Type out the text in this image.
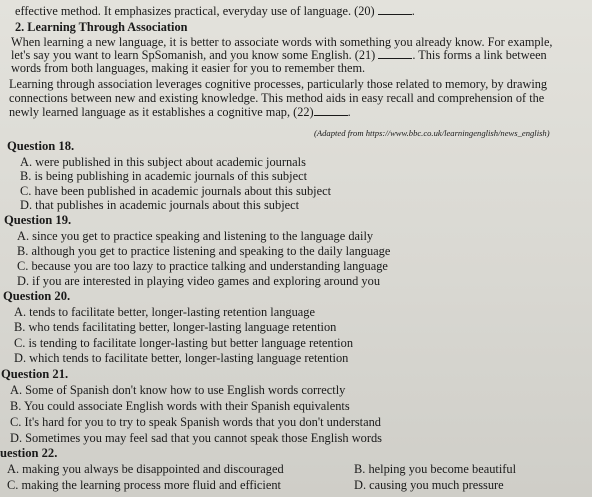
effective method. It emphasizes practical, everyday use of language. (20)	.
2. Learning Through Association
When learning a new language, it is better to associate words with something you already know. For example,
let's say you want to learn SpSomanish, and you know some English. (21)	. This forms a link between
words from both languages, making it easier for you to remember them.
Learning through association leverages cognitive processes, particularly those related to memory, by drawing
connections between new and existing knowledge. This method aids in easy recall and comprehension of the
newly learned language as it establishes a cognitive map, (22)	.
(Adapted from https://www.bbc.co.uk/learningenglish/news_english)
Question 18.
A. were published in this subject about academic journals
B. is being publishing in academic journals of this subject
C. have been published in academic journals about this subject
D. that publishes in academic journals about this subject
Question 19.
A. since you get to practice speaking and listening to the language daily
B. although you get to practice listening and speaking to the daily language
C. because you are too lazy to practice talking and understanding language
D. if you are interested in playing video games and exploring around you
Question 20.
A. tends to facilitate better, longer-lasting retention language
B. who tends facilitating better, longer-lasting language retention
C. is tending to facilitate longer-lasting but better language retention
D. which tends to facilitate better, longer-lasting language retention
Question 21.
A. Some of Spanish don't know how to use English words correctly
B. You could associate English words with their Spanish equivalents
C. It's hard for you to try to speak Spanish words that you don't understand
D. Sometimes you may feel sad that you cannot speak those English words
uestion 22.
A. making you always be disappointed and discouraged	B. helping you become beautiful
C. making the learning process more fluid and efficient	D. causing you much pressure
